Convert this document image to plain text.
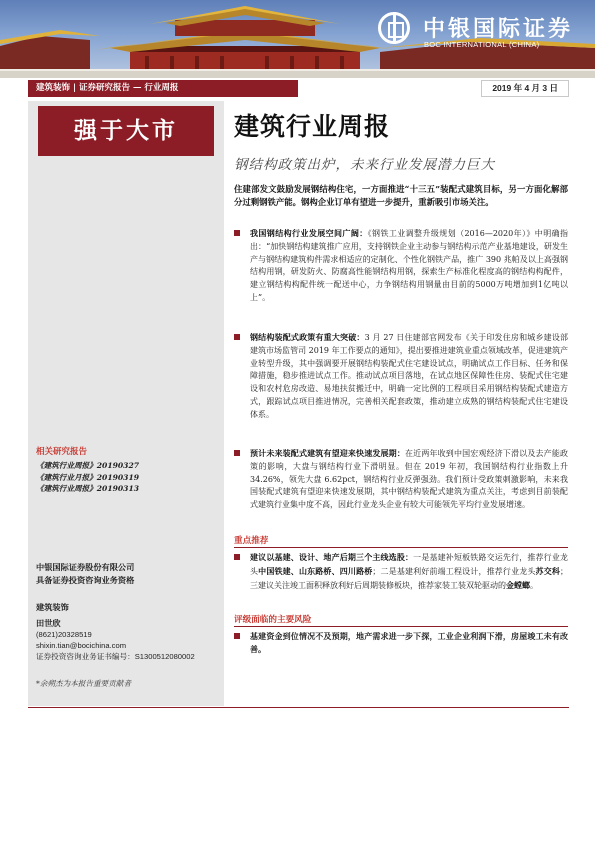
中银国际证券
BOC INTERNATIONAL (CHINA)
建筑装饰 | 证券研究报告 — 行业周报	2019 年 4 月 3 日
强于大市
相关研究报告
《建筑行业周报》20190327
《建筑行业月报》20190319
《建筑行业周报》20190313
中银国际证券股份有限公司
具备证券投资咨询业务资格
建筑装饰
田世欣
(8621)20328519
shixin.tian@bocichina.com
证券投资咨询业务证书编号：S1300512080002
*余朔杰为本报告重要贡献者
建筑行业周报
钢结构政策出炉，未来行业发展潜力巨大
住建部发文鼓励发展钢结构住宅，一方面推进“十三五”装配式建筑目标，另一方面化解部分过剩钢铁产能。钢构企业订单有望进一步提升，重新吸引市场关注。
我国钢结构行业发展空间广阔：《钢铁工业调整升级规划（2016—2020年）》中明确指出：“加快钢结构建筑推广应用，支持钢铁企业主动参与钢结构示范产业基地建设，研发生产与钢结构建筑构件需求相适应的定制化、个性化钢铁产品，推广 390 兆帕及以上高强钢结构用钢，研发防火、防腐高性能钢结构用钢，探索生产标准化程度高的钢结构构配件，建立钢结构构配件统一配送中心，力争钢结构用钢量由目前的5000万吨增加到1亿吨以上”。
钢结构装配式政策有重大突破：3 月 27 日住建部官网发布《关于印发住房和城乡建设部建筑市场监管司 2019 年工作要点的通知》，提出要推进建筑业重点领域改革，促进建筑产业转型升级，其中强调要开展钢结构装配式住宅建设试点，明确试点工作目标、任务和保障措施，稳步推进试点工作。推动试点项目落地，在试点地区保障性住房、装配式住宅建设和农村危房改造、易地扶贫搬迁中，明确一定比例的工程项目采用钢结构装配式建造方式，跟踪试点项目推进情况，完善相关配套政策，推动建立成熟的钢结构装配式住宅建设体系。
预计未来装配式建筑有望迎来快速发展期：在近两年收到中国宏观经济下滑以及去产能政策的影响，大盘与钢结构行业下滑明显。但在 2019 年初，我国钢结构行业指数上升 34.26%，领先大盘 6.62pct，钢结构行业反弹强劲。我们预计受政策刺激影响，未来我国装配式建筑有望迎来快速发展期，其中钢结构装配式建筑为重点关注，考虑到目前装配式建筑行业集中度不高，因此行业龙头企业有较大可能领先平均行业发展增速。
重点推荐
建议以基建、设计、地产后期三个主线选股：一是基建补短板铁路交运先行，推荐行业龙头中国铁建、山东路桥、四川路桥；二是基建利好前端工程设计，推荐行业龙头苏交科；三建议关注竣工面积释放利好后周期装修板块，推荐家装工装双轮驱动的金螳螂。
评级面临的主要风险
基建资金到位情况不及预期，地产需求进一步下探，工业企业利润下滑，房屋竣工未有改善。
